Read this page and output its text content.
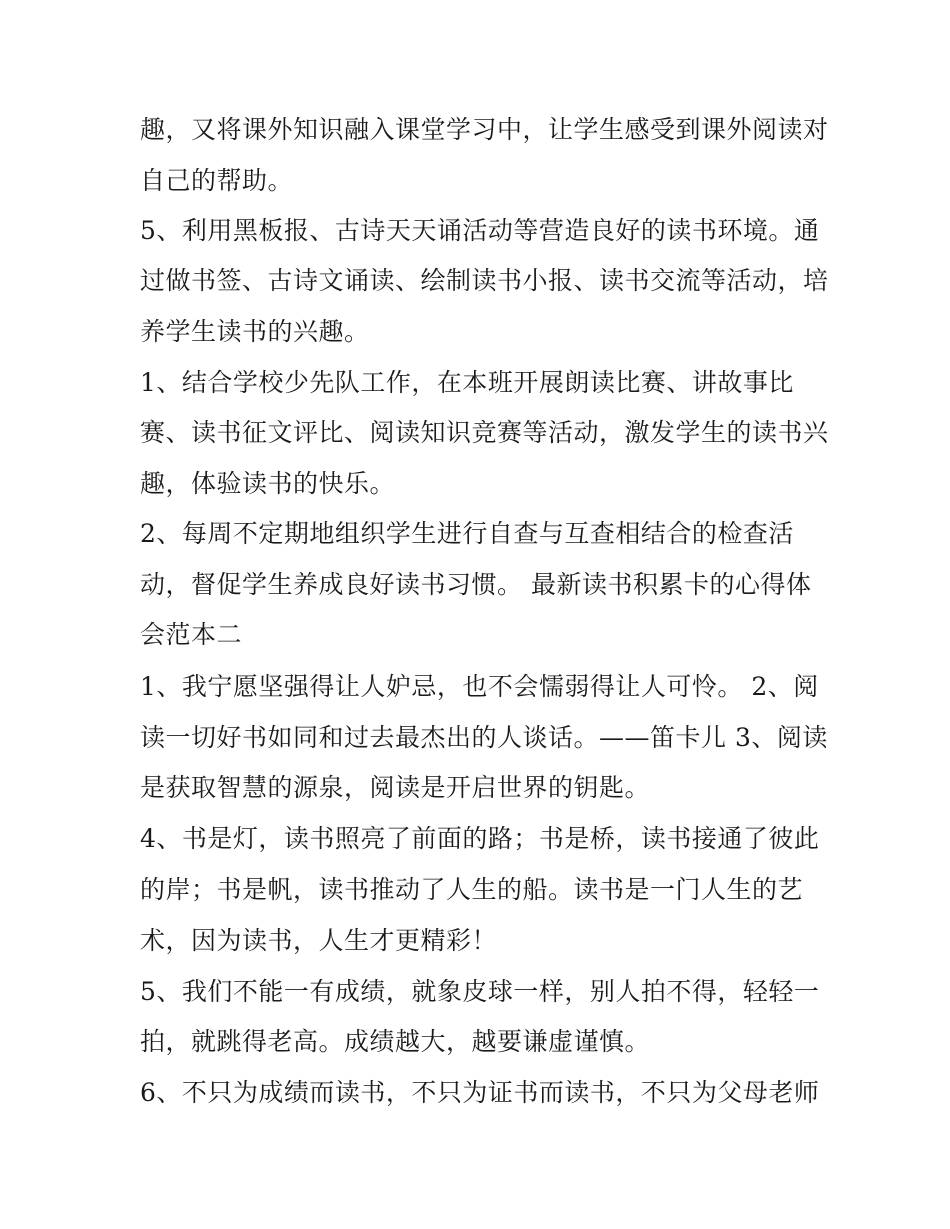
趣，又将课外知识融入课堂学习中，让学生感受到课外阅读对
自己的帮助。
5、利用黑板报、古诗天天诵活动等营造良好的读书环境。通
过做书签、古诗文诵读、绘制读书小报、读书交流等活动，培
养学生读书的兴趣。
1、结合学校少先队工作，在本班开展朗读比赛、讲故事比
赛、读书征文评比、阅读知识竞赛等活动，激发学生的读书兴
趣，体验读书的快乐。
2、每周不定期地组织学生进行自查与互查相结合的检查活
动，督促学生养成良好读书习惯。 最新读书积累卡的心得体
会范本二
1、我宁愿坚强得让人妒忌，也不会懦弱得让人可怜。 2、阅
读一切好书如同和过去最杰出的人谈话。——笛卡儿 3、阅读
是获取智慧的源泉，阅读是开启世界的钥匙。
4、书是灯，读书照亮了前面的路；书是桥，读书接通了彼此
的岸；书是帆，读书推动了人生的船。读书是一门人生的艺
术，因为读书，人生才更精彩！
5、我们不能一有成绩，就象皮球一样，别人拍不得，轻轻一
拍，就跳得老高。成绩越大，越要谦虚谨慎。
6、不只为成绩而读书，不只为证书而读书，不只为父母老师
